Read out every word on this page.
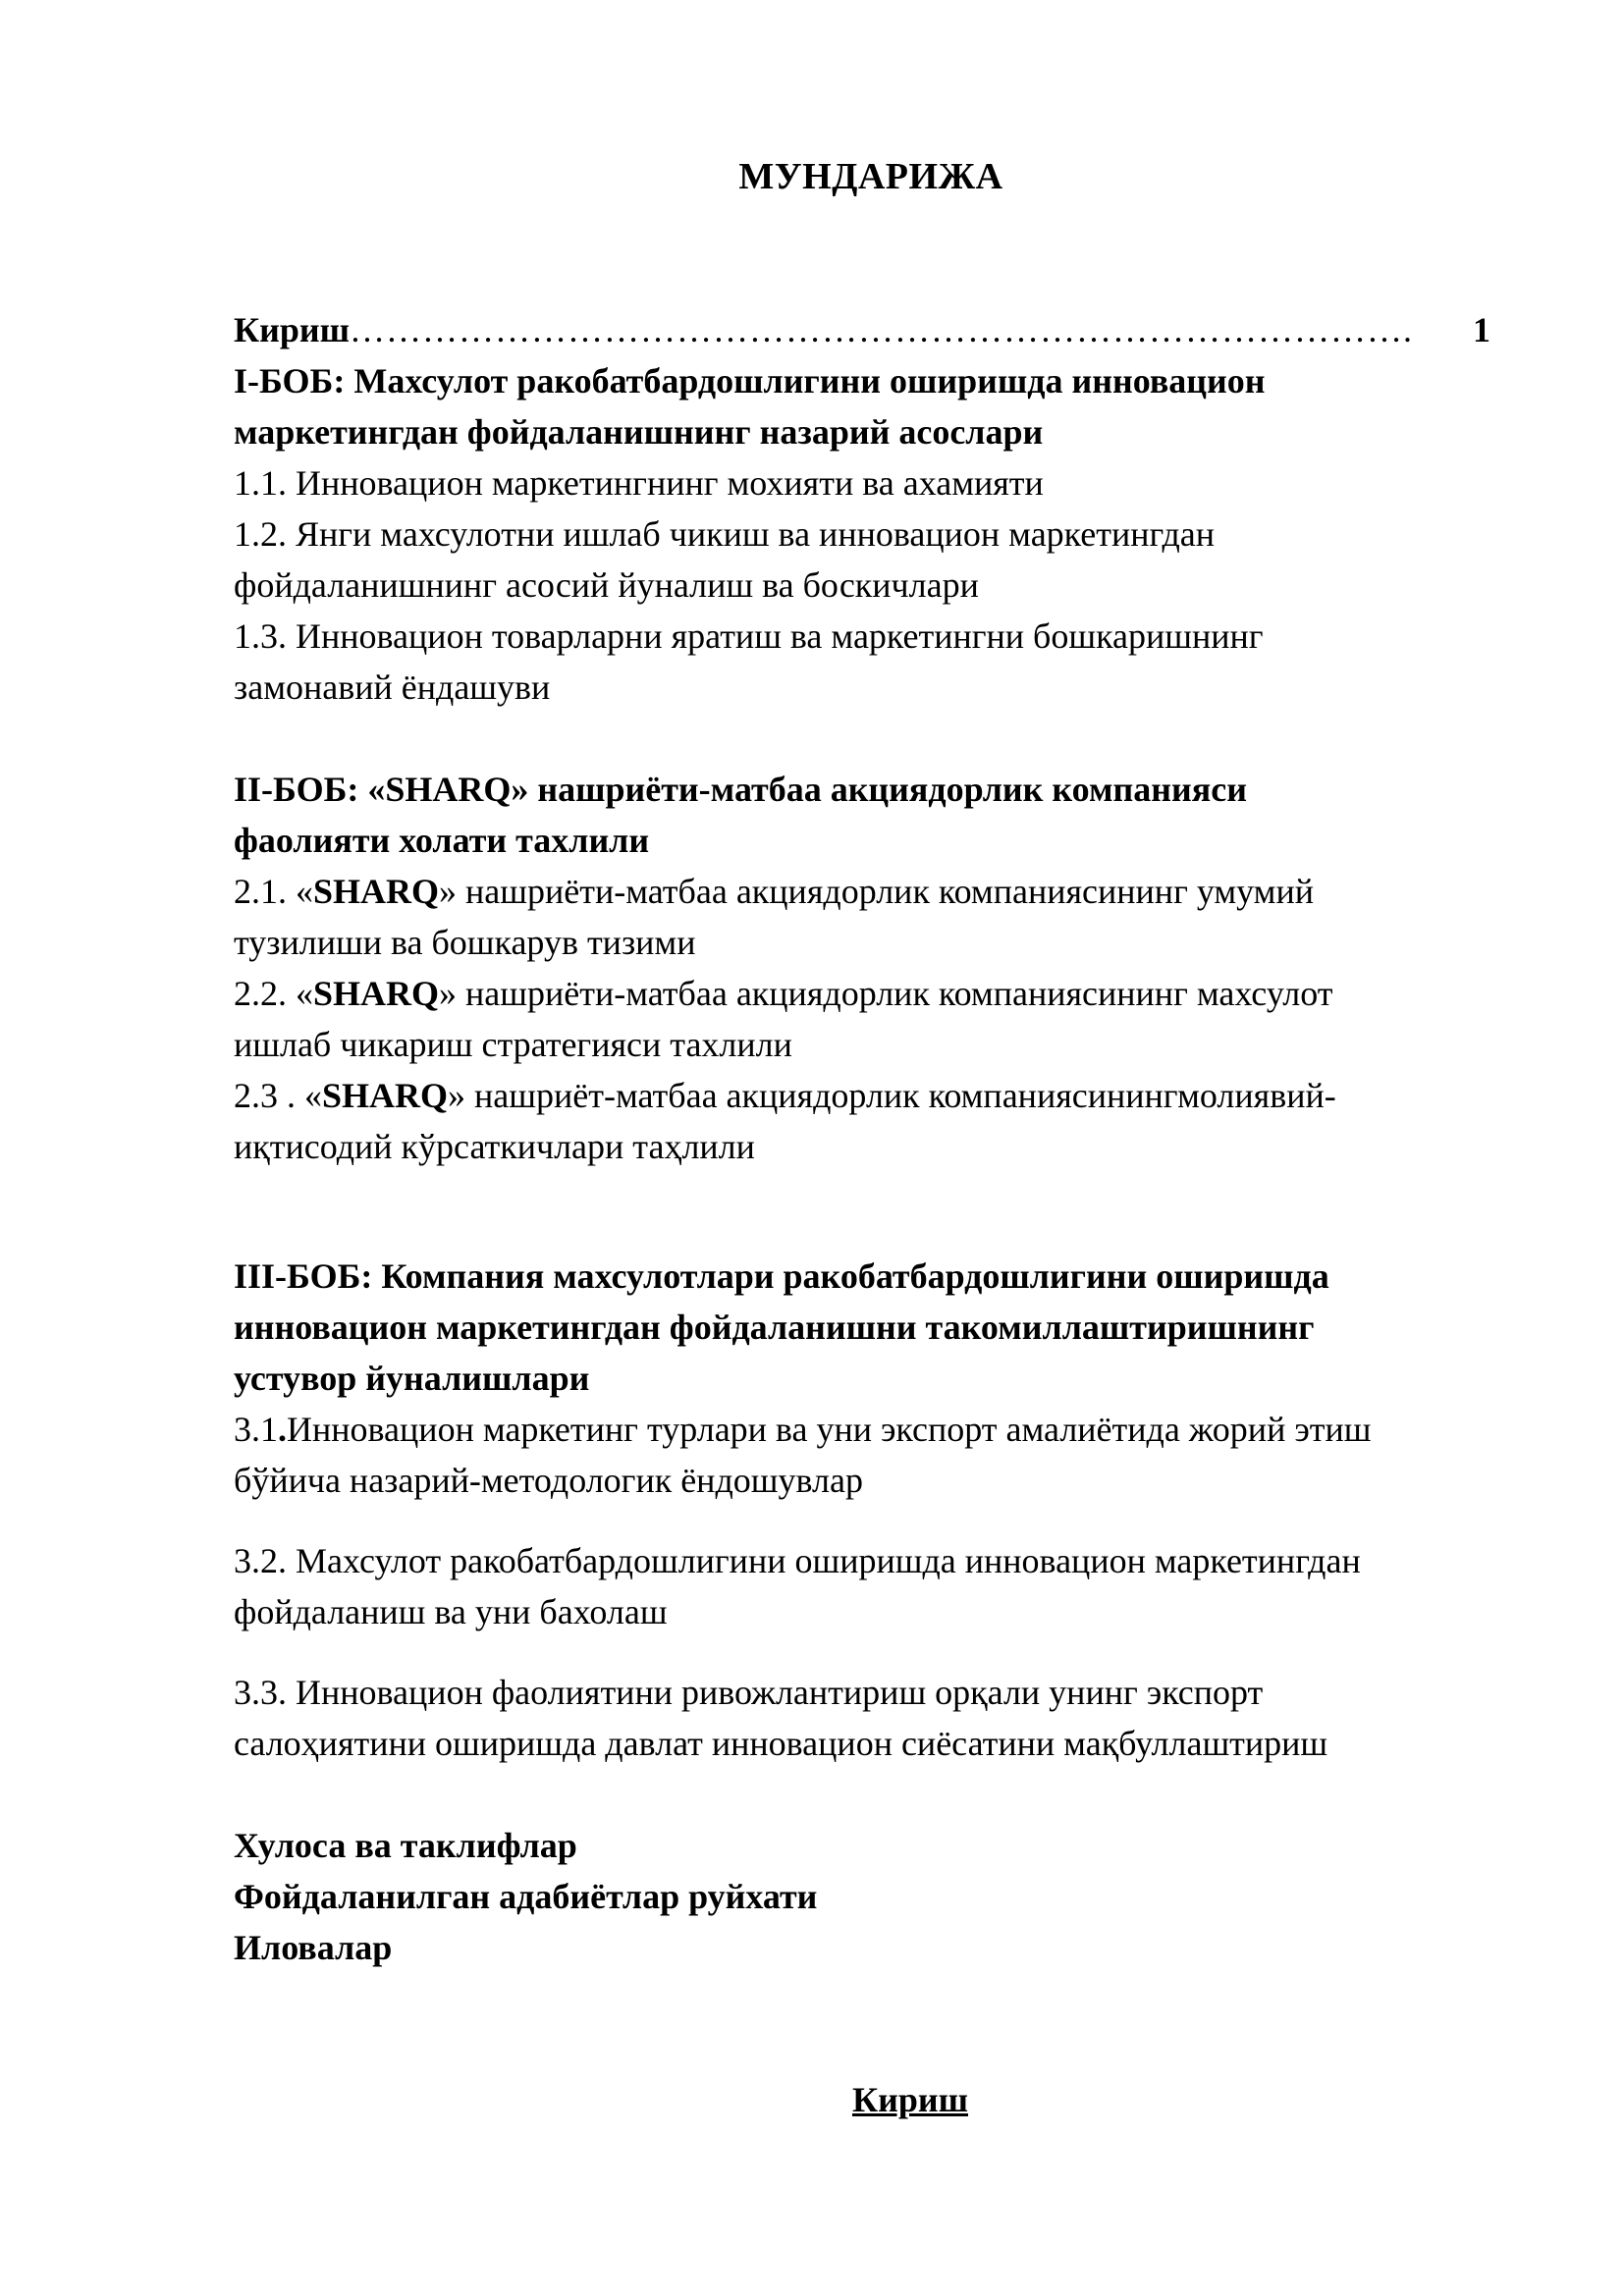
МУНДАРИЖА
Кириш …………………………………………………………………………….	1
I-БОБ: Махсулот ракобатбардошлигини оширишда инновацион
маркетингдан фойдаланишнинг назарий асослари
1.1. Инновацион маркетингнинг мохияти ва ахамияти
1.2. Янги махсулотни ишлаб чикиш ва инновацион маркетингдан
фойдаланишнинг асосий йуналиш ва боскичлари
1.3. Инновацион товарларни яратиш ва маркетингни бошкаришнинг
замонавий ёндашуви
II-БОБ: «SHARQ» нашриёти-матбаа акциядорлик компанияси
фаолияти холати тахлили
2.1. «SHARQ» нашриёти-матбаа акциядорлик компаниясининг умумий
тузилиши ва бошкарув тизими
2.2. «SHARQ» нашриёти-матбаа акциядорлик компаниясининг махсулот
ишлаб чикариш стратегияси тахлили
2.3 . «SHARQ» нашриёт-матбаа акциядорлик компаниясинингмолиявий-
иқтисодий кўрсаткичлари таҳлили
III-БОБ: Компания махсулотлари ракобатбардошлигини оширишда
инновацион маркетингдан фойдаланишни такомиллаштиришнинг
устувор йуналишлари
3.1.Инновацион маркетинг турлари ва уни экспорт амалиётида жорий этиш
бўйича назарий-методологик ёндошувлар
3.2. Махсулот ракобатбардошлигини оширишда инновацион маркетингдан
фойдаланиш ва уни бахолаш
3.3. Инновацион фаолиятини ривожлантириш орқали унинг экспорт
салоҳиятини оширишда давлат инновацион сиёсатини мақбуллаштириш
Хулоса ва таклифлар
Фойдаланилган адабиётлар руйхати
Иловалар
Кириш
